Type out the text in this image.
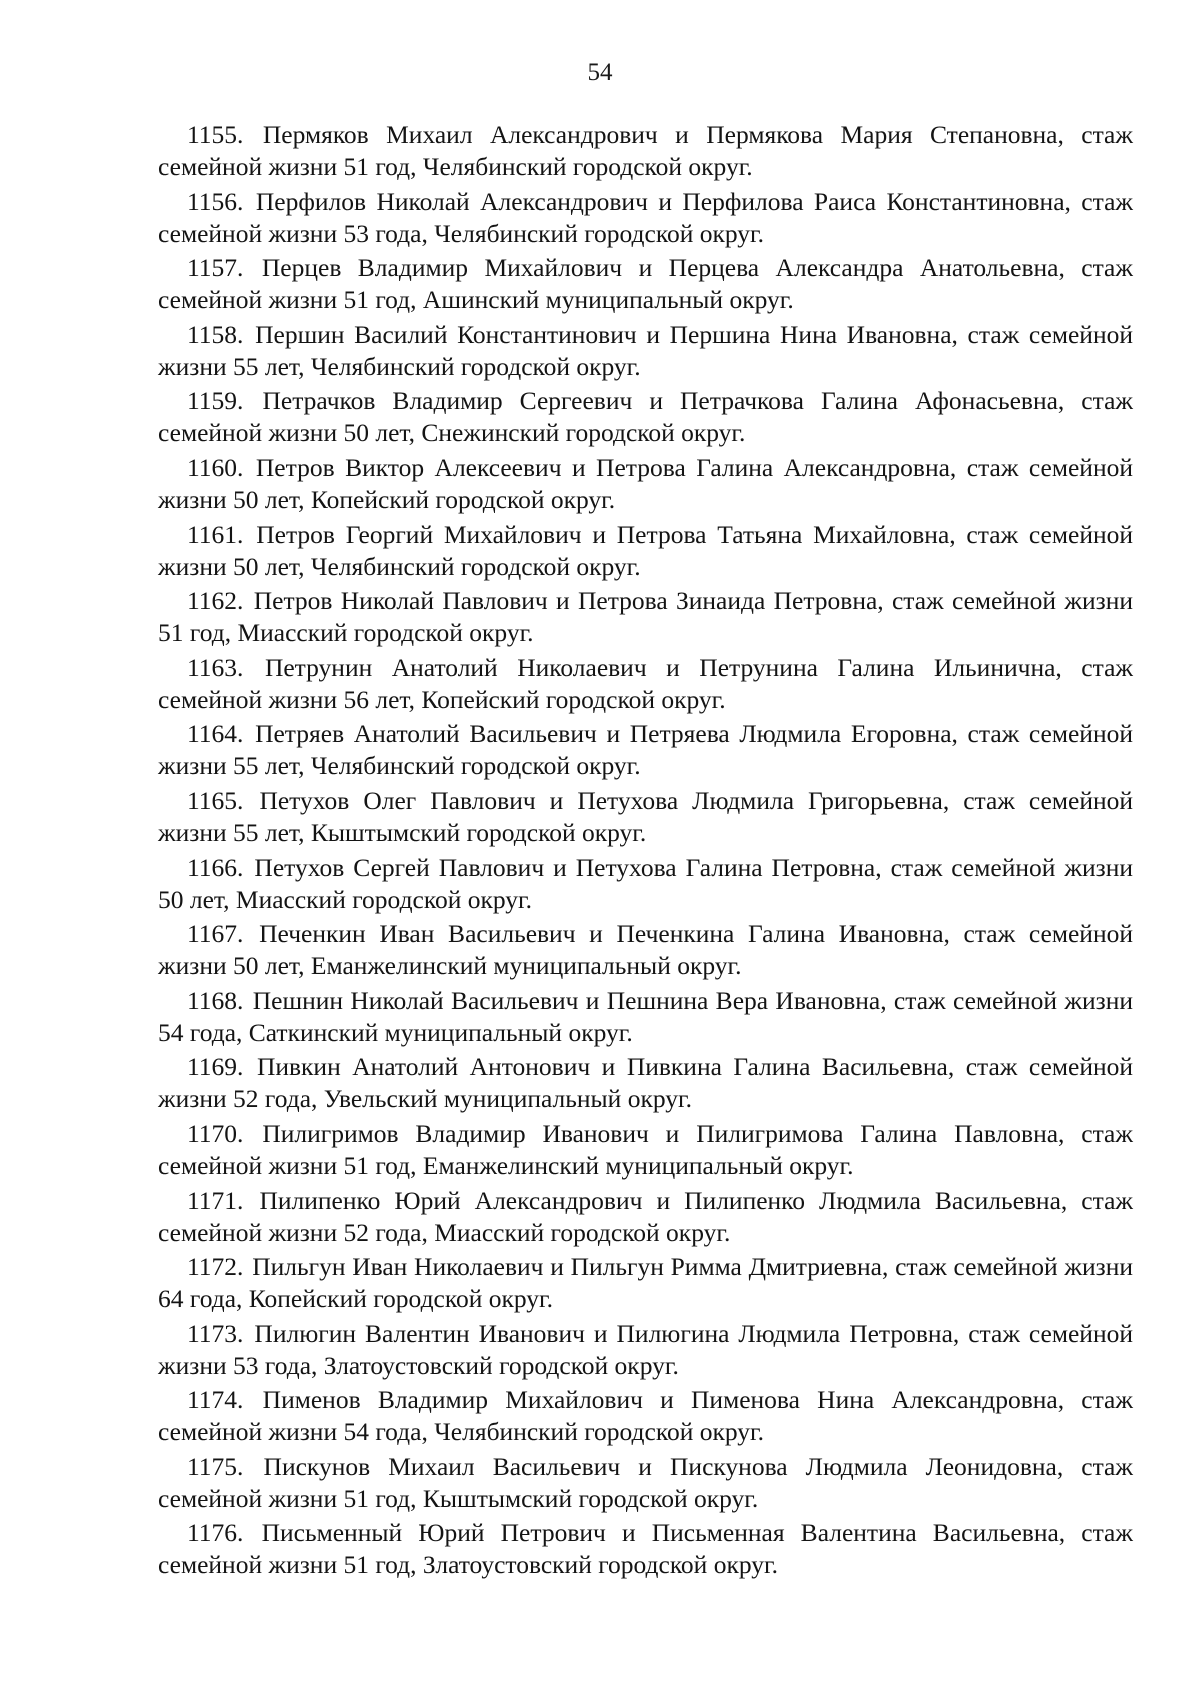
54
1155. Пермяков Михаил Александрович и Пермякова Мария Степановна, стаж семейной жизни 51 год, Челябинский городской округ.
1156. Перфилов Николай Александрович и Перфилова Раиса Константиновна, стаж семейной жизни 53 года, Челябинский городской округ.
1157. Перцев Владимир Михайлович и Перцева Александра Анатольевна, стаж семейной жизни 51 год, Ашинский муниципальный округ.
1158. Першин Василий Константинович и Першина Нина Ивановна, стаж семейной жизни 55 лет, Челябинский городской округ.
1159. Петрачков Владимир Сергеевич и Петрачкова Галина Афонасьевна, стаж семейной жизни 50 лет, Снежинский городской округ.
1160. Петров Виктор Алексеевич и Петрова Галина Александровна, стаж семейной жизни 50 лет, Копейский городской округ.
1161. Петров Георгий Михайлович и Петрова Татьяна Михайловна, стаж семейной жизни 50 лет, Челябинский городской округ.
1162. Петров Николай Павлович и Петрова Зинаида Петровна, стаж семейной жизни 51 год, Миасский городской округ.
1163. Петрунин Анатолий Николаевич и Петрунина Галина Ильинична, стаж семейной жизни 56 лет, Копейский городской округ.
1164. Петряев Анатолий Васильевич и Петряева Людмила Егоровна, стаж семейной жизни 55 лет, Челябинский городской округ.
1165. Петухов Олег Павлович и Петухова Людмила Григорьевна, стаж семейной жизни 55 лет, Кыштымский городской округ.
1166. Петухов Сергей Павлович и Петухова Галина Петровна, стаж семейной жизни 50 лет, Миасский городской округ.
1167. Печенкин Иван Васильевич и Печенкина Галина Ивановна, стаж семейной жизни 50 лет, Еманжелинский муниципальный округ.
1168. Пешнин Николай Васильевич и Пешнина Вера Ивановна, стаж семейной жизни 54 года, Саткинский муниципальный округ.
1169. Пивкин Анатолий Антонович и Пивкина Галина Васильевна, стаж семейной жизни 52 года, Увельский муниципальный округ.
1170. Пилигримов Владимир Иванович и Пилигримова Галина Павловна, стаж семейной жизни 51 год, Еманжелинский муниципальный округ.
1171. Пилипенко Юрий Александрович и Пилипенко Людмила Васильевна, стаж семейной жизни 52 года, Миасский городской округ.
1172. Пильгун Иван Николаевич и Пильгун Римма Дмитриевна, стаж семейной жизни 64 года, Копейский городской округ.
1173. Пилюгин Валентин Иванович и Пилюгина Людмила Петровна, стаж семейной жизни 53 года, Златоустовский городской округ.
1174. Пименов Владимир Михайлович и Пименова Нина Александровна, стаж семейной жизни 54 года, Челябинский городской округ.
1175. Пискунов Михаил Васильевич и Пискунова Людмила Леонидовна, стаж семейной жизни 51 год, Кыштымский городской округ.
1176. Письменный Юрий Петрович и Письменная Валентина Васильевна, стаж семейной жизни 51 год, Златоустовский городской округ.
